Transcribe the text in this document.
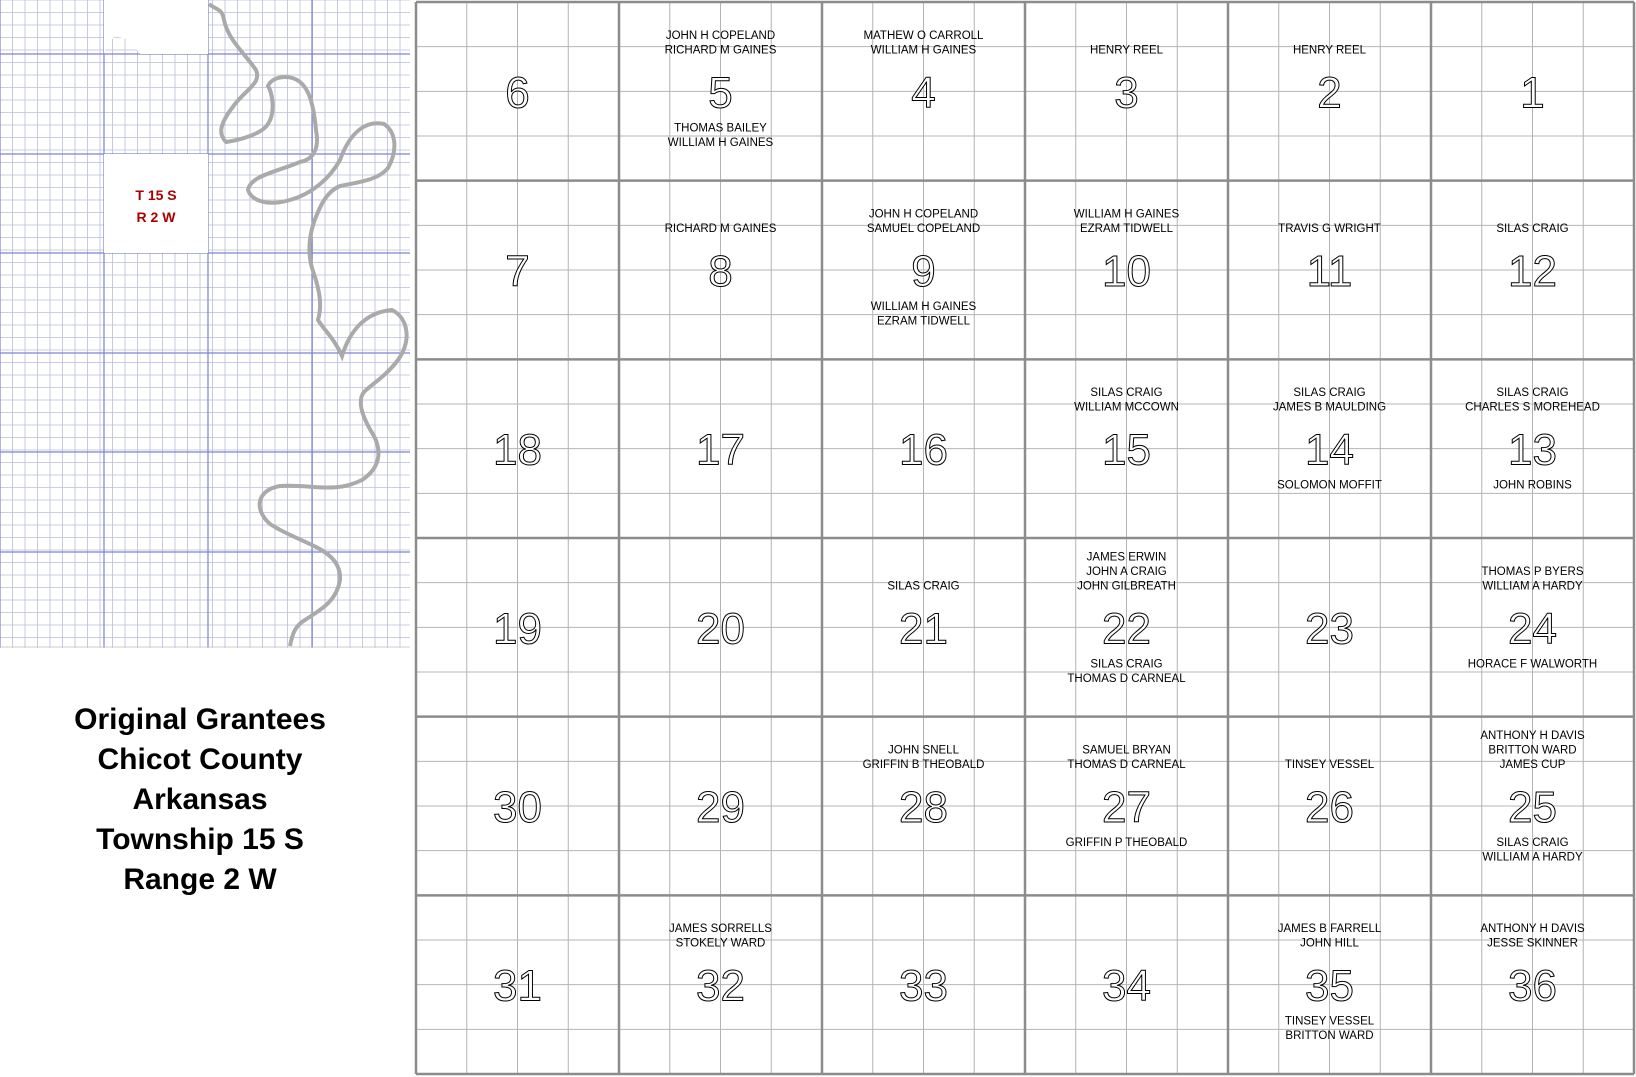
T 15 S
R 2 W
Original Grantees
Chicot County
Arkansas
Township 15 S
Range 2 W
6	5
JOHN H COPELAND
RICHARD M GAINES
THOMAS BAILEY
WILLIAM H GAINES
4
MATHEW O CARROLL
WILLIAM H GAINES
3
HENRY REEL
2
HENRY REEL
1
7	8
RICHARD M GAINES
9
JOHN H COPELAND
SAMUEL COPELAND
WILLIAM H GAINES
EZRAM TIDWELL
10
WILLIAM H GAINES
EZRAM TIDWELL
11
TRAVIS G WRIGHT
12
SILAS CRAIG
18	17	16	15
SILAS CRAIG
WILLIAM MCCOWN
14
SILAS CRAIG
JAMES B MAULDING
SOLOMON MOFFIT
13
SILAS CRAIG
CHARLES S MOREHEAD
JOHN ROBINS
19	20	21
SILAS CRAIG
22
JAMES ERWIN
JOHN A CRAIG
JOHN GILBREATH
SILAS CRAIG
THOMAS D CARNEAL
23	24
THOMAS P BYERS
WILLIAM A HARDY
HORACE F WALWORTH
30	29	28
JOHN SNELL
GRIFFIN B THEOBALD
27
SAMUEL BRYAN
THOMAS D CARNEAL
GRIFFIN P THEOBALD
26
TINSEY VESSEL
25
ANTHONY H DAVIS
BRITTON WARD
JAMES CUP
SILAS CRAIG
WILLIAM A HARDY
31	32
JAMES SORRELLS
STOKELY WARD
33	34	35
JAMES B FARRELL
JOHN HILL
TINSEY VESSEL
BRITTON WARD
36
ANTHONY H DAVIS
JESSE SKINNER
